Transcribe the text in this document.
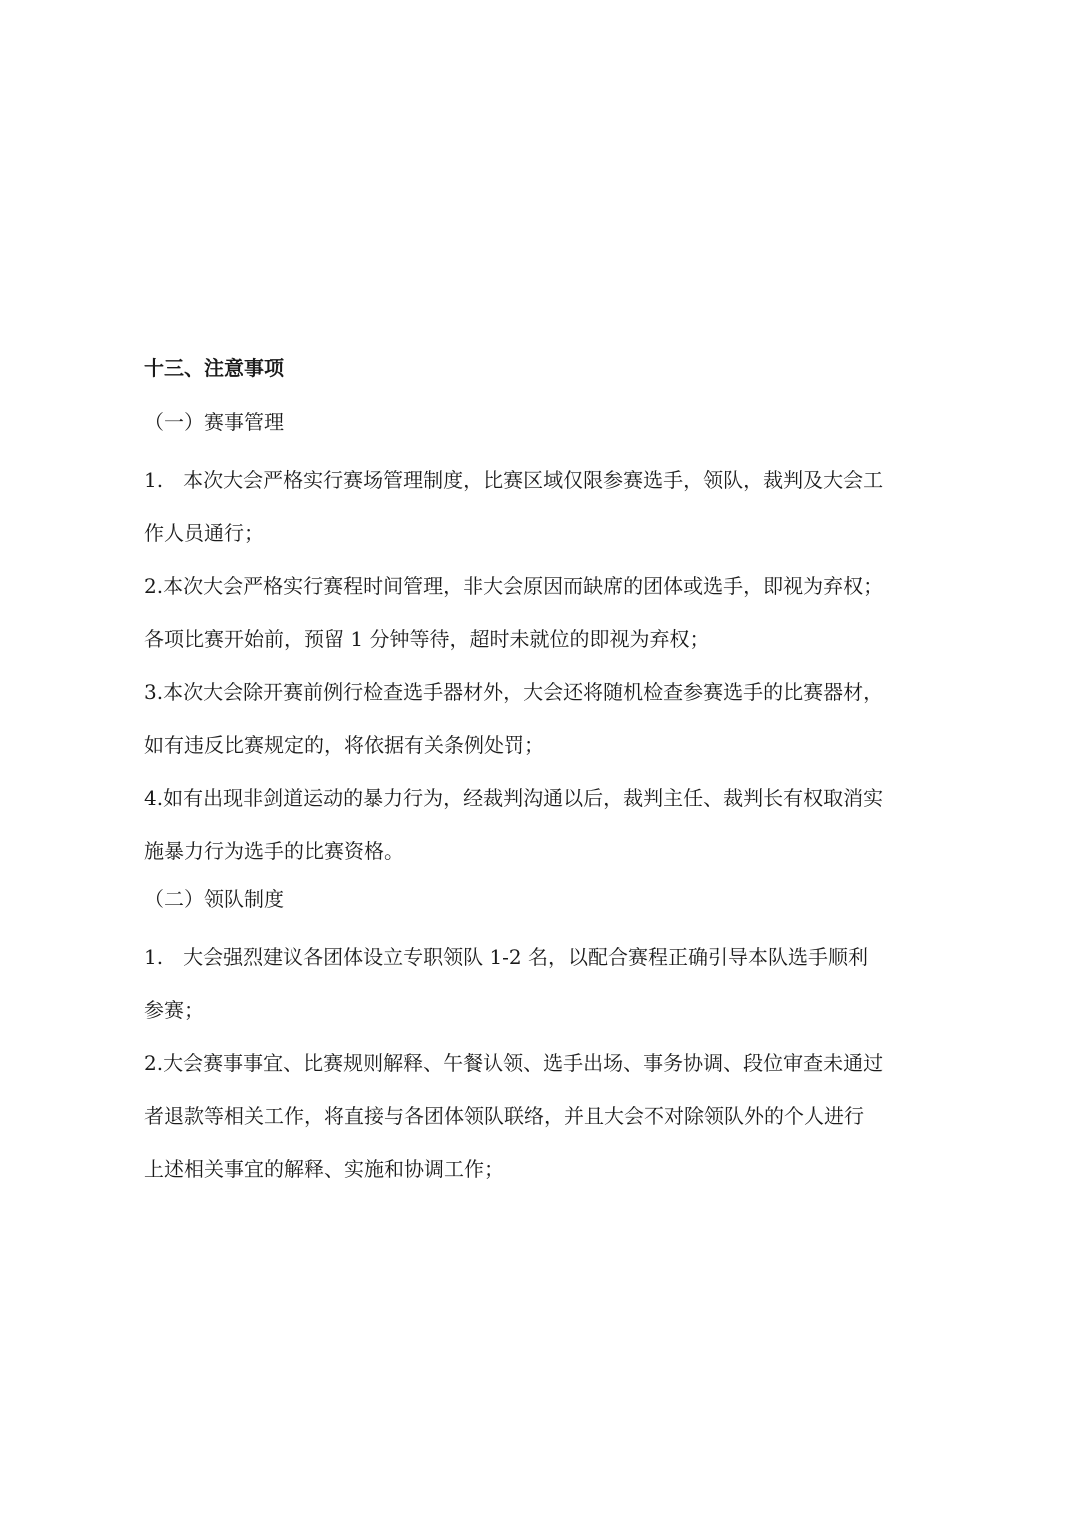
十三、注意事项
（一）赛事管理
1.　本次大会严格实行赛场管理制度，比赛区域仅限参赛选手，领队，裁判及大会工
作人员通行；
2.本次大会严格实行赛程时间管理，非大会原因而缺席的团体或选手，即视为弃权；
各项比赛开始前，预留 1 分钟等待，超时未就位的即视为弃权；
3.本次大会除开赛前例行检查选手器材外，大会还将随机检查参赛选手的比赛器材，
如有违反比赛规定的，将依据有关条例处罚；
4.如有出现非剑道运动的暴力行为，经裁判沟通以后，裁判主任、裁判长有权取消实
施暴力行为选手的比赛资格。
（二）领队制度
1.　大会强烈建议各团体设立专职领队 1-2 名，以配合赛程正确引导本队选手顺利
参赛；
2.大会赛事事宜、比赛规则解释、午餐认领、选手出场、事务协调、段位审查未通过
者退款等相关工作，将直接与各团体领队联络，并且大会不对除领队外的个人进行
上述相关事宜的解释、实施和协调工作；
